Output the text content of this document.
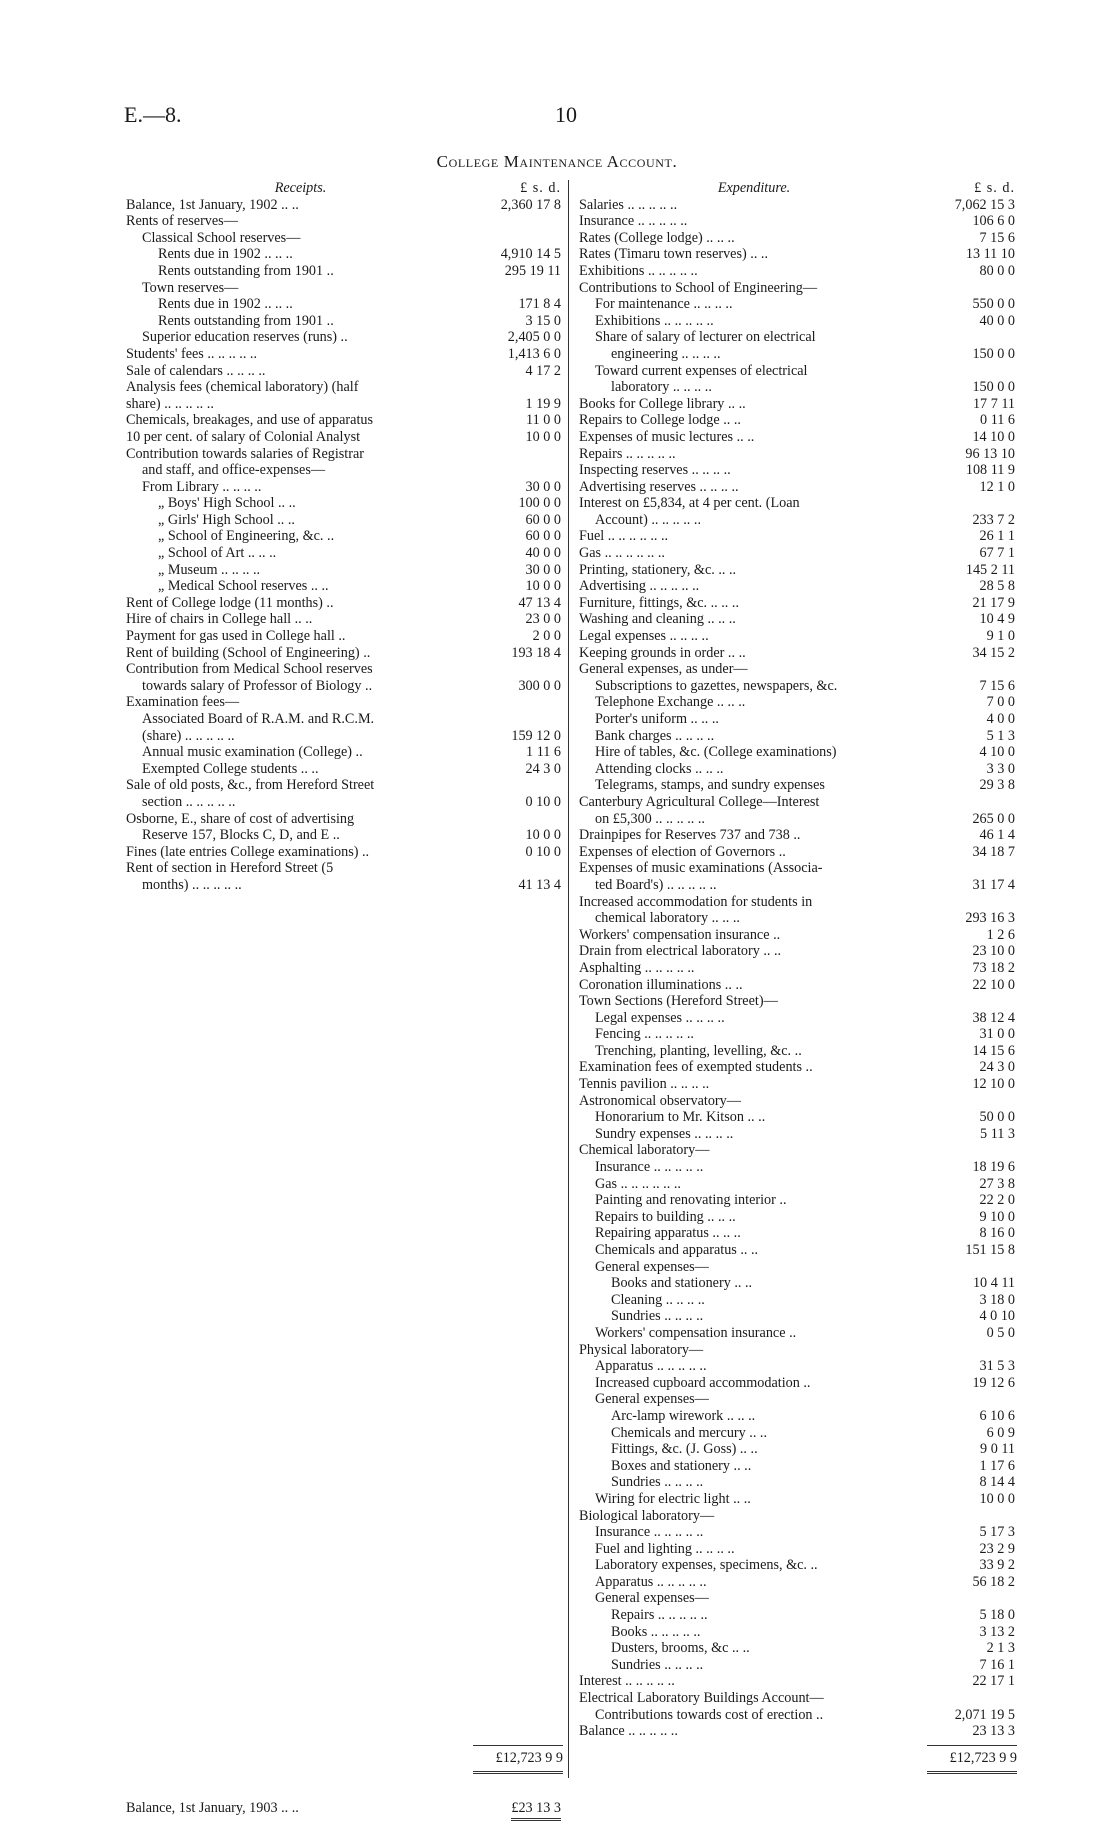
E.—8.	10
College Maintenance Account.
Receipts.	£ s. d.
Balance, 1st January, 1902 .. ..	2,360 17 8
Rents of reserves—
Classical School reserves—
Rents due in 1902 .. .. ..	4,910 14 5
Rents outstanding from 1901 ..	295 19 11
Town reserves—
Rents due in 1902 .. .. ..	171 8 4
Rents outstanding from 1901 ..	3 15 0
Superior education reserves (runs) ..	2,405 0 0
Students' fees .. .. .. .. ..	1,413 6 0
Sale of calendars .. .. .. ..	4 17 2
Analysis fees (chemical laboratory) (half
share) .. .. .. .. ..	1 19 9
Chemicals, breakages, and use of apparatus	11 0 0
10 per cent. of salary of Colonial Analyst	10 0 0
Contribution towards salaries of Registrar
and staff, and office-expenses—
From Library .. .. .. ..	30 0 0
„ Boys' High School .. ..	100 0 0
„ Girls' High School .. ..	60 0 0
„ School of Engineering, &c. ..	60 0 0
„ School of Art .. .. ..	40 0 0
„ Museum .. .. .. ..	30 0 0
„ Medical School reserves .. ..	10 0 0
Rent of College lodge (11 months) ..	47 13 4
Hire of chairs in College hall .. ..	23 0 0
Payment for gas used in College hall ..	2 0 0
Rent of building (School of Engineering) ..	193 18 4
Contribution from Medical School reserves
towards salary of Professor of Biology ..	300 0 0
Examination fees—
Associated Board of R.A.M. and R.C.M.
(share) .. .. .. .. ..	159 12 0
Annual music examination (College) ..	1 11 6
Exempted College students .. ..	24 3 0
Sale of old posts, &c., from Hereford Street
section .. .. .. .. ..	0 10 0
Osborne, E., share of cost of advertising
Reserve 157, Blocks C, D, and E ..	10 0 0
Fines (late entries College examinations) ..	0 10 0
Rent of section in Hereford Street (5
months) .. .. .. .. ..	41 13 4
Expenditure.	£ s. d.
Salaries .. .. .. .. ..	7,062 15 3
Insurance .. .. .. .. ..	106 6 0
Rates (College lodge) .. .. ..	7 15 6
Rates (Timaru town reserves) .. ..	13 11 10
Exhibitions .. .. .. .. ..	80 0 0
Contributions to School of Engineering—
For maintenance .. .. .. ..	550 0 0
Exhibitions .. .. .. .. ..	40 0 0
Share of salary of lecturer on electrical
engineering .. .. .. ..	150 0 0
Toward current expenses of electrical
laboratory .. .. .. ..	150 0 0
Books for College library .. ..	17 7 11
Repairs to College lodge .. ..	0 11 6
Expenses of music lectures .. ..	14 10 0
Repairs .. .. .. .. ..	96 13 10
Inspecting reserves .. .. .. ..	108 11 9
Advertising reserves .. .. .. ..	12 1 0
Interest on £5,834, at 4 per cent. (Loan
Account) .. .. .. .. ..	233 7 2
Fuel .. .. .. .. .. ..	26 1 1
Gas .. .. .. .. .. ..	67 7 1
Printing, stationery, &c. .. ..	145 2 11
Advertising .. .. .. .. ..	28 5 8
Furniture, fittings, &c. .. .. ..	21 17 9
Washing and cleaning .. .. ..	10 4 9
Legal expenses .. .. .. ..	9 1 0
Keeping grounds in order .. ..	34 15 2
General expenses, as under—
Subscriptions to gazettes, newspapers, &c.	7 15 6
Telephone Exchange .. .. ..	7 0 0
Porter's uniform .. .. ..	4 0 0
Bank charges .. .. .. ..	5 1 3
Hire of tables, &c. (College examinations)	4 10 0
Attending clocks .. .. ..	3 3 0
Telegrams, stamps, and sundry expenses	29 3 8
Canterbury Agricultural College—Interest
on £5,300 .. .. .. .. ..	265 0 0
Drainpipes for Reserves 737 and 738 ..	46 1 4
Expenses of election of Governors ..	34 18 7
Expenses of music examinations (Associa-
ted Board's) .. .. .. .. ..	31 17 4
Increased accommodation for students in
chemical laboratory .. .. ..	293 16 3
Workers' compensation insurance ..	1 2 6
Drain from electrical laboratory .. ..	23 10 0
Asphalting .. .. .. .. ..	73 18 2
Coronation illuminations .. ..	22 10 0
Town Sections (Hereford Street)—
Legal expenses .. .. .. ..	38 12 4
Fencing .. .. .. .. ..	31 0 0
Trenching, planting, levelling, &c. ..	14 15 6
Examination fees of exempted students ..	24 3 0
Tennis pavilion .. .. .. ..	12 10 0
Astronomical observatory—
Honorarium to Mr. Kitson .. ..	50 0 0
Sundry expenses .. .. .. ..	5 11 3
Chemical laboratory—
Insurance .. .. .. .. ..	18 19 6
Gas .. .. .. .. .. ..	27 3 8
Painting and renovating interior ..	22 2 0
Repairs to building .. .. ..	9 10 0
Repairing apparatus .. .. ..	8 16 0
Chemicals and apparatus .. ..	151 15 8
General expenses—
Books and stationery .. ..	10 4 11
Cleaning .. .. .. ..	3 18 0
Sundries .. .. .. ..	4 0 10
Workers' compensation insurance ..	0 5 0
Physical laboratory—
Apparatus .. .. .. .. ..	31 5 3
Increased cupboard accommodation ..	19 12 6
General expenses—
Arc-lamp wirework .. .. ..	6 10 6
Chemicals and mercury .. ..	6 0 9
Fittings, &c. (J. Goss) .. ..	9 0 11
Boxes and stationery .. ..	1 17 6
Sundries .. .. .. ..	8 14 4
Wiring for electric light .. ..	10 0 0
Biological laboratory—
Insurance .. .. .. .. ..	5 17 3
Fuel and lighting .. .. .. ..	23 2 9
Laboratory expenses, specimens, &c. ..	33 9 2
Apparatus .. .. .. .. ..	56 18 2
General expenses—
Repairs .. .. .. .. ..	5 18 0
Books .. .. .. .. ..	3 13 2
Dusters, brooms, &c .. ..	2 1 3
Sundries .. .. .. ..	7 16 1
Interest .. .. .. .. ..	22 17 1
Electrical Laboratory Buildings Account—
Contributions towards cost of erection ..	2,071 19 5
Balance .. .. .. .. ..	23 13 3
£12,723 9 9	£12,723 9 9
Balance, 1st January, 1903 .. ..	£23 13 3
